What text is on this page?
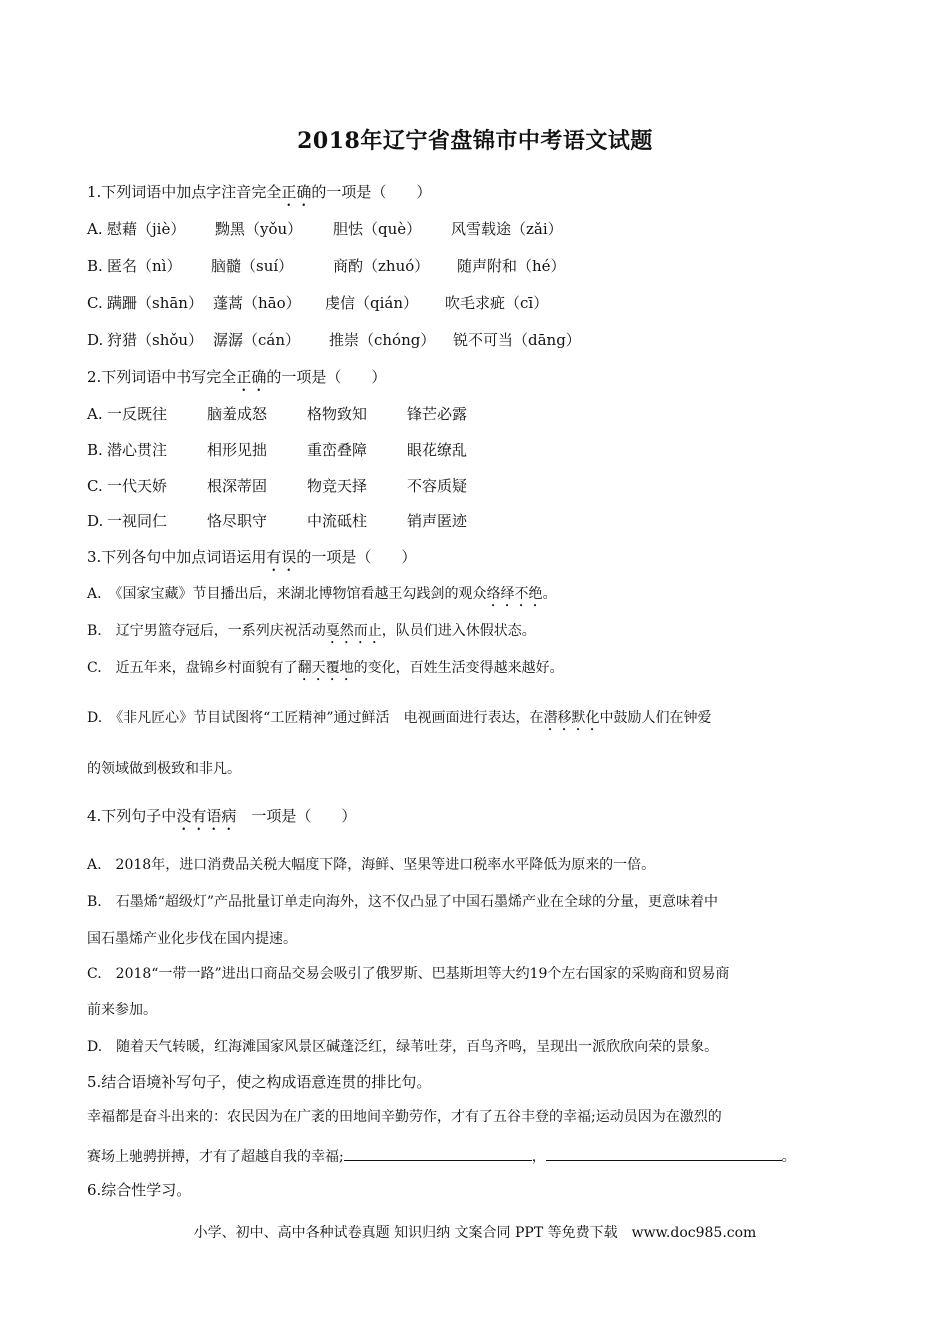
2018年辽宁省盘锦市中考语文试题
1.下列词语中加点字注音完全正确的一项是（　　）
A. 慰藉（jiè） 黝黑（yǒu） 胆怯（què） 风雪载途（zǎi）
B. 匿名（nì） 脑髓（suí）	商酌（zhuó） 随声附和（hé）
C. 蹒跚（shān） 蓬蒿（hāo） 虔信（qián） 吹毛求疵（cī）
D. 狩猎（shǒu） 潺潺（cán） 推崇（chóng） 锐不可当（dāng）
2.下列词语中书写完全正确的一项是（　　）
A. 一反既往	脑羞成怒	格物致知	锋芒必露
B. 潜心贯注	相形见拙	重峦叠障	眼花缭乱
C. 一代天娇	根深蒂固	物竞天择	不容质疑
D. 一视同仁	恪尽职守	中流砥柱	销声匿迹
3.下列各句中加点词语运用有误的一项是（　　）
A.　《国家宝藏》节目播出后，来湖北博物馆看越王勾践剑的观众络绎不绝。
B.　辽宁男篮夺冠后，一系列庆祝活动戛然而止，队员们进入休假状态。
C.　近五年来，盘锦乡村面貌有了翻天覆地的变化，百姓生活变得越来越好。
D.　《非凡匠心》节目试图将“工匠精神”通过鲜活　电视画面进行表达，在潜移默化中鼓励人们在钟爱
的领域做到极致和非凡。
4.下列句子中没有语病　一项是（　　）
A.　2018年，进口消费品关税大幅度下降，海鲜、坚果等进口税率水平降低为原来的一倍。
B.　石墨烯“超级灯”产品批量订单走向海外，这不仅凸显了中国石墨烯产业在全球的分量，更意味着中
国石墨烯产业化步伐在国内提速。
C.　2018“一带一路”进出口商品交易会吸引了俄罗斯、巴基斯坦等大约19个左右国家的采购商和贸易商
前来参加。
D.　随着天气转暖，红海滩国家风景区碱蓬泛红，绿苇吐芽，百鸟齐鸣，呈现出一派欣欣向荣的景象。
5.结合语境补写句子，使之构成语意连贯的排比句。
幸福都是奋斗出来的：农民因为在广袤的田地间辛勤劳作，才有了五谷丰登的幸福;运动员因为在激烈的
赛场上驰骋拼搏，才有了超越自我的幸福;	，	。
6.综合性学习。
小学、初中、高中各种试卷真题 知识归纳 文案合同 PPT 等免费下载　www.doc985.com
